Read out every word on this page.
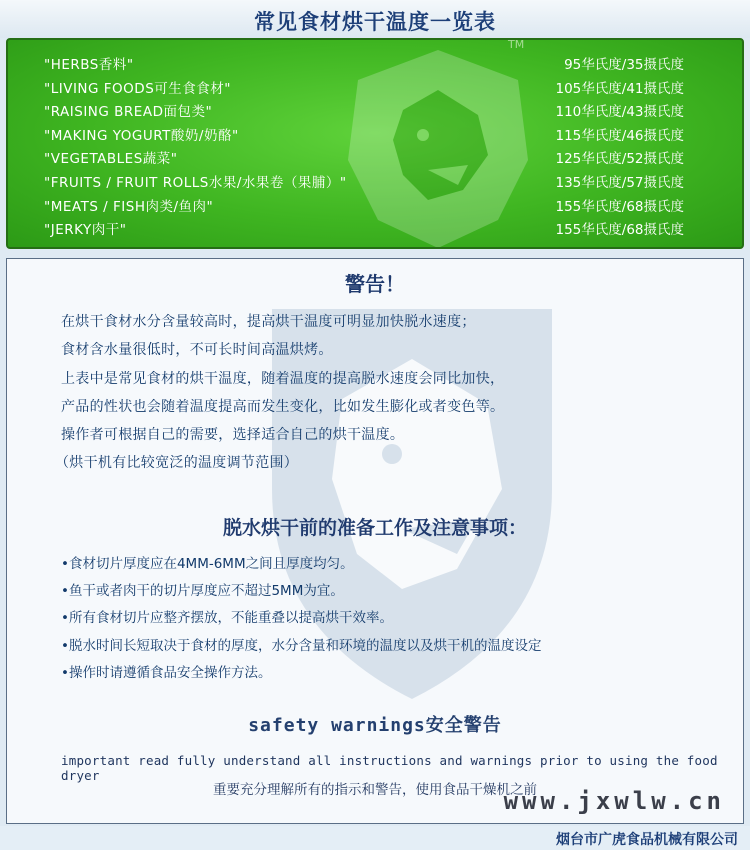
常见食材烘干温度一览表
TM
"HERBS香料"	95华氏度/35摄氏度
"LIVING FOODS可生食食材"	105华氏度/41摄氏度
"RAISING BREAD面包类"	110华氏度/43摄氏度
"MAKING YOGURT酸奶/奶酪"	115华氏度/46摄氏度
"VEGETABLES蔬菜"	125华氏度/52摄氏度
"FRUITS / FRUIT ROLLS水果/水果卷（果脯）"	135华氏度/57摄氏度
"MEATS / FISH肉类/鱼肉"	155华氏度/68摄氏度
"JERKY肉干"	155华氏度/68摄氏度
警告！
在烘干食材水分含量较高时，提高烘干温度可明显加快脱水速度；
食材含水量很低时，不可长时间高温烘烤。
上表中是常见食材的烘干温度，随着温度的提高脱水速度会同比加快，
产品的性状也会随着温度提高而发生变化，比如发生膨化或者变色等。
操作者可根据自己的需要，选择适合自己的烘干温度。
（烘干机有比较宽泛的温度调节范围）
脱水烘干前的准备工作及注意事项：
•食材切片厚度应在4MM-6MM之间且厚度均匀。
•鱼干或者肉干的切片厚度应不超过5MM为宜。
•所有食材切片应整齐摆放，不能重叠以提高烘干效率。
•脱水时间长短取决于食材的厚度，水分含量和环境的温度以及烘干机的温度设定
•操作时请遵循食品安全操作方法。
safety warnings安全警告
important read fully understand all instructions and warnings prior to using the food dryer
重要充分理解所有的指示和警告，使用食品干燥机之前
www.jxwlw.cn
烟台市广虎食品机械有限公司
